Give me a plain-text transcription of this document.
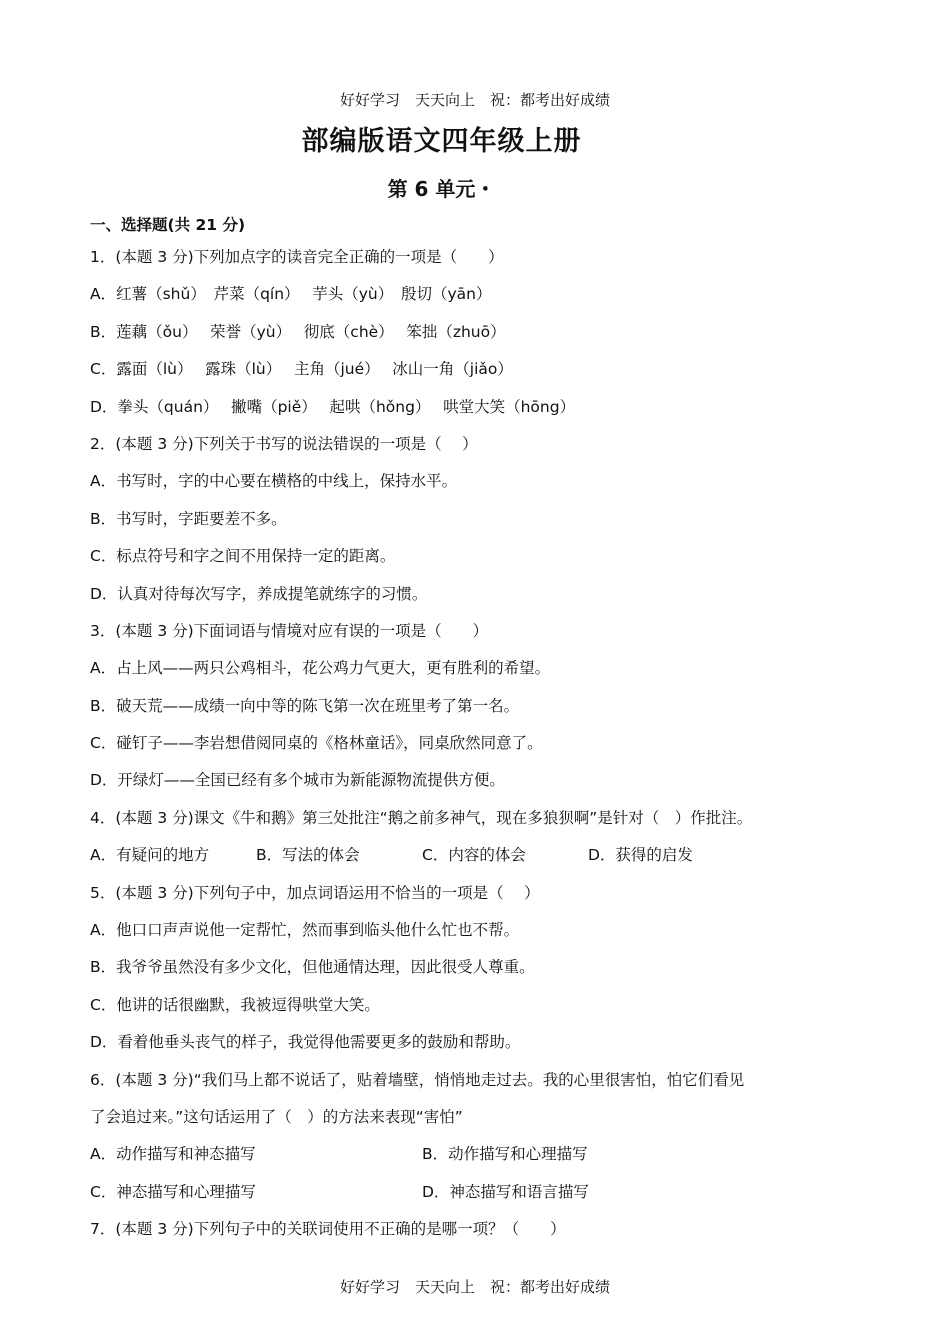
好好学习　天天向上　祝：都考出好成绩
部编版语文四年级上册
第 6 单元・
一、选择题(共 21 分)
1．(本题 3 分)下列加点字的读音完全正确的一项是（　　）
A．红薯（shǔ）　芹菜（qín）　 芋头（yù）　殷切（yān）
B．莲藕（ǒu）　 荣誉（yù）　 彻底（chè）　 笨拙（zhuō）
C．露面（lù）　 露珠（lù）　 主角（jué）　 冰山一角（jiǎo）
D．拳头（quán）　 撇嘴（piě）　 起哄（hǒng）　 哄堂大笑（hōng）
2．(本题 3 分)下列关于书写的说法错误的一项是（　 ）
A．书写时，字的中心要在横格的中线上，保持水平。
B．书写时，字距要差不多。
C．标点符号和字之间不用保持一定的距离。
D．认真对待每次写字，养成提笔就练字的习惯。
3．(本题 3 分)下面词语与情境对应有误的一项是（　　）
A．占上风——两只公鸡相斗，花公鸡力气更大，更有胜利的希望。
B．破天荒——成绩一向中等的陈飞第一次在班里考了第一名。
C．碰钉子——李岩想借阅同桌的《格林童话》，同桌欣然同意了。
D．开绿灯——全国已经有多个城市为新能源物流提供方便。
4．(本题 3 分)课文《牛和鹅》第三处批注“鹅之前多神气，现在多狼狈啊”是针对（　）作批注。
A．有疑问的地方	B．写法的体会	C．内容的体会	D．获得的启发
5．(本题 3 分)下列句子中，加点词语运用不恰当的一项是（　 ）
A．他口口声声说他一定帮忙，然而事到临头他什么忙也不帮。
B．我爷爷虽然没有多少文化，但他通情达理，因此很受人尊重。
C．他讲的话很幽默，我被逗得哄堂大笑。
D．看着他垂头丧气的样子，我觉得他需要更多的鼓励和帮助。
6．(本题 3 分)“我们马上都不说话了，贴着墙壁，悄悄地走过去。我的心里很害怕，怕它们看见
了会追过来。”这句话运用了（　）的方法来表现“害怕”
A．动作描写和神态描写	B．动作描写和心理描写
C．神态描写和心理描写	D．神态描写和语言描写
7．(本题 3 分)下列句子中的关联词使用不正确的是哪一项？（　　）
好好学习　天天向上　祝：都考出好成绩
